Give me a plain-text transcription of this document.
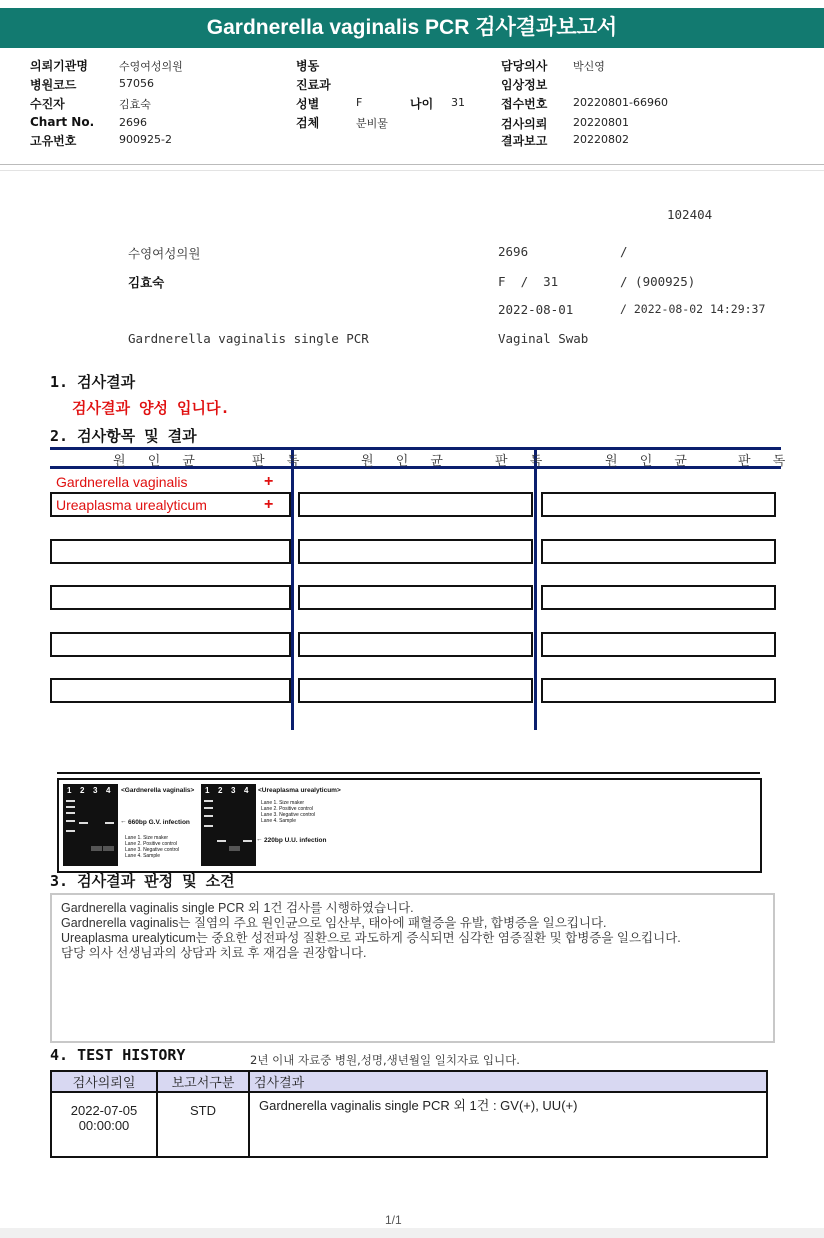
Gardnerella vaginalis PCR 검사결과보고서
의뢰기관명	수영여성의원
병원코드	57056
수진자	김효숙
Chart No. 2696
고유번호	900925-2
병동
진료과
성별	F	나이 31
검체	분비물
담당의사 박신영
임상정보
접수번호 20220801-66960
검사의뢰 20220801
결과보고 20220802
102404
수영여성의원	2696	/
김효숙	F  /  31	/ (900925)
2022-08-01	/ 2022-08-02 14:29:37
Gardnerella vaginalis single PCR	Vaginal Swab
1. 검사결과
검사결과 양성 입니다.
2. 검사항목 및 결과
원 인 균	판 독	원 인 균	판 독	원 인 균	판 독
Gardnerella vaginalis	+
Ureaplasma urealyticum	+
1 2 3 4 <Gardnerella vaginalis>
← 660bp G.V. infection
Lane 1. Size maker
Lane 2. Positive control
Lane 3. Negative control
Lane 4. Sample
1 2 3 4 <Ureaplasma urealyticum>
Lane 1. Size maker
Lane 2. Positive control
Lane 3. Negative control
Lane 4. Sample
← 220bp U.U. infection
3. 검사결과 판정 및 소견
Gardnerella vaginalis single PCR 외 1건 검사를 시행하였습니다.
Gardnerella vaginalis는 질염의 주요 원인균으로 임산부, 태아에 패혈증을 유발, 합병증을 일으킵니다.
Ureaplasma urealyticum는 중요한 성전파성 질환으로 과도하게 증식되면 심각한 염증질환 및 합병증을 일으킵니다.
담당 의사 선생님과의 상담과 치료 후 재검을 권장합니다.
4. TEST HISTORY	2년 이내 자료중 병원,성명,생년월일 일치자료 입니다.
검사의뢰일	보고서구분	검사결과

2022-07-05
00:00:00	STD	Gardnerella vaginalis single PCR 외 1건 : GV(+), UU(+)
1/1
